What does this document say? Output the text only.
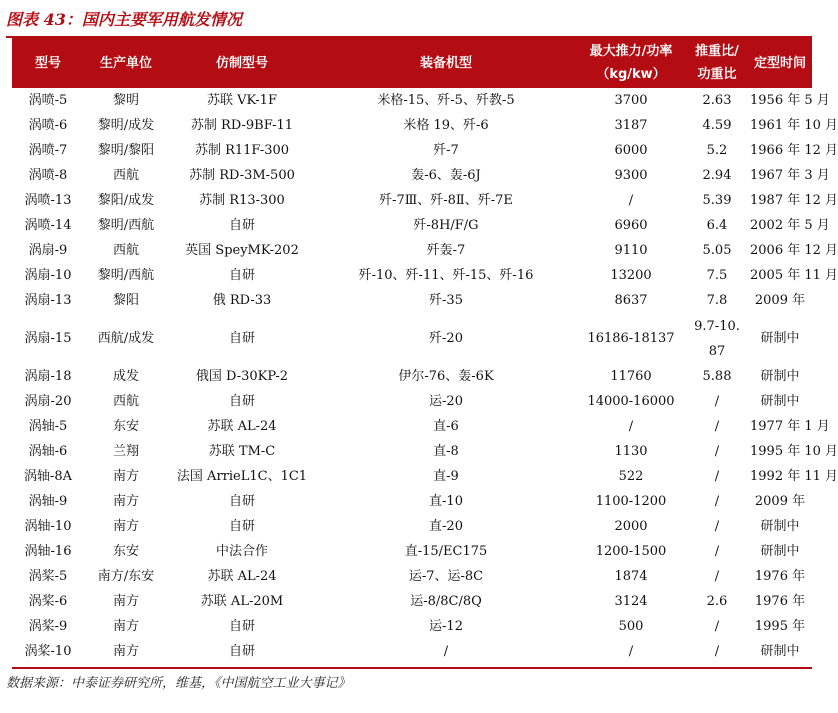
图表 43：国内主要军用航发情况
型号	生产单位	仿制型号	装备机型	最大推力/功率（kg/kw）	推重比/功重比	定型时间
涡喷-5	黎明	苏联 VK-1F	米格-15、歼-5、歼教-5	3700	2.63	1956 年 5 月
涡喷-6	黎明/成发	苏制 RD-9BF-11	米格 19、歼-6	3187	4.59	1961 年 10 月
涡喷-7	黎明/黎阳	苏制 R11F-300	歼-7	6000	5.2	1966 年 12 月
涡喷-8	西航	苏制 RD-3M-500	轰-6、轰-6J	9300	2.94	1967 年 3 月
涡喷-13	黎阳/成发	苏制 R13-300	歼-7Ⅲ、歼-8Ⅱ、歼-7E	/	5.39	1987 年 12 月
涡喷-14	黎明/西航	自研	歼-8H/F/G	6960	6.4	2002 年 5 月
涡扇-9	西航	英国 SpeyMK-202	歼轰-7	9110	5.05	2006 年 12 月
涡扇-10	黎明/西航	自研	歼-10、歼-11、歼-15、歼-16	13200	7.5	2005 年 11 月
涡扇-13	黎阳	俄 RD-33	歼-35	8637	7.8	2009 年
涡扇-15	西航/成发	自研	歼-20	16186-18137	9.7-10.87	研制中
涡扇-18	成发	俄国 D-30KP-2	伊尔-76、轰-6K	11760	5.88	研制中
涡扇-20	西航	自研	运-20	14000-16000	/	研制中
涡轴-5	东安	苏联 AL-24	直-6	/	/	1977 年 1 月
涡轴-6	兰翔	苏联 TM-C	直-8	1130	/	1995 年 10 月
涡轴-8A	南方	法国 ArrieL1C、1C1	直-9	522	/	1992 年 11 月
涡轴-9	南方	自研	直-10	1100-1200	/	2009 年
涡轴-10	南方	自研	直-20	2000	/	研制中
涡轴-16	东安	中法合作	直-15/EC175	1200-1500	/	研制中
涡桨-5	南方/东安	苏联 AL-24	运-7、运-8C	1874	/	1976 年
涡桨-6	南方	苏联 AL-20M	运-8/8C/8Q	3124	2.6	1976 年
涡桨-9	南方	自研	运-12	500	/	1995 年
涡桨-10	南方	自研	/	/	/	研制中
数据来源：中泰证券研究所，维基，《中国航空工业大事记》
